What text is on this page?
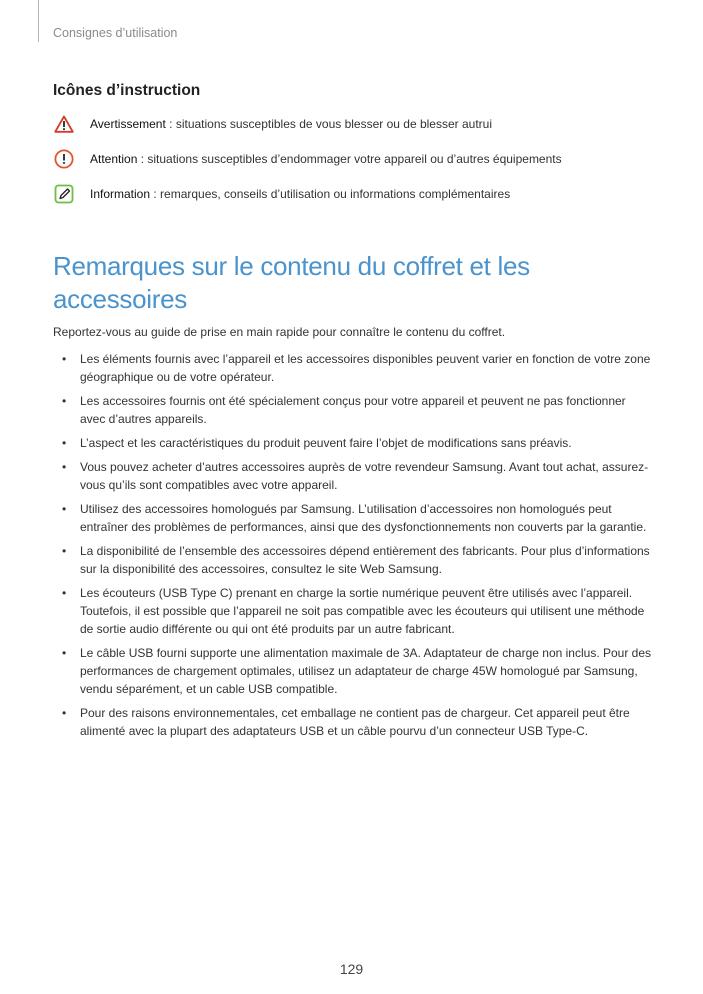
Consignes d’utilisation
Icônes d’instruction
Avertissement : situations susceptibles de vous blesser ou de blesser autrui
Attention : situations susceptibles d’endommager votre appareil ou d’autres équipements
Information : remarques, conseils d’utilisation ou informations complémentaires
Remarques sur le contenu du coffret et les accessoires
Reportez-vous au guide de prise en main rapide pour connaître le contenu du coffret.
• Les éléments fournis avec l’appareil et les accessoires disponibles peuvent varier en fonction de votre zone géographique ou de votre opérateur.
• Les accessoires fournis ont été spécialement conçus pour votre appareil et peuvent ne pas fonctionner avec d’autres appareils.
• L’aspect et les caractéristiques du produit peuvent faire l’objet de modifications sans préavis.
• Vous pouvez acheter d’autres accessoires auprès de votre revendeur Samsung. Avant tout achat, assurez-vous qu’ils sont compatibles avec votre appareil.
• Utilisez des accessoires homologués par Samsung. L’utilisation d’accessoires non homologués peut entraîner des problèmes de performances, ainsi que des dysfonctionnements non couverts par la garantie.
• La disponibilité de l’ensemble des accessoires dépend entièrement des fabricants. Pour plus d’informations sur la disponibilité des accessoires, consultez le site Web Samsung.
• Les écouteurs (USB Type C) prenant en charge la sortie numérique peuvent être utilisés avec l’appareil. Toutefois, il est possible que l’appareil ne soit pas compatible avec les écouteurs qui utilisent une méthode de sortie audio différente ou qui ont été produits par un autre fabricant.
• Le câble USB fourni supporte une alimentation maximale de 3A. Adaptateur de charge non inclus. Pour des performances de chargement optimales, utilisez un adaptateur de charge 45W homologué par Samsung, vendu séparément, et un cable USB compatible.
• Pour des raisons environnementales, cet emballage ne contient pas de chargeur. Cet appareil peut être alimenté avec la plupart des adaptateurs USB et un câble pourvu d’un connecteur USB Type-C.
129
